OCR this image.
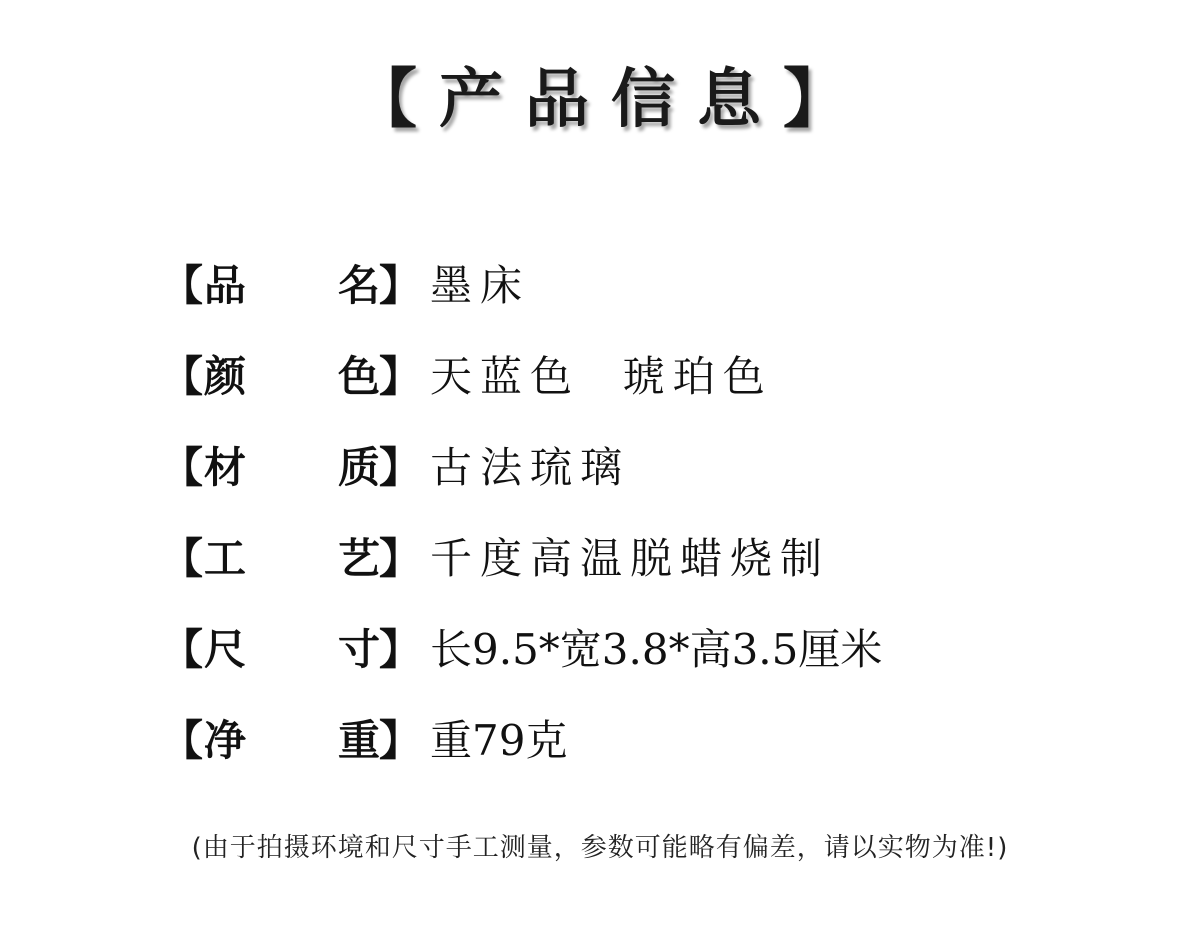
【产品信息】
【 品 名
】 墨床
【 颜 色
】 天蓝色  琥珀色
【 材 质
】 古法琉璃
【 工 艺
】 千度高温脱蜡烧制
【 尺 寸
】 长9.5*宽3.8*高3.5厘米
【 净 重
】 重79克
(由于拍摄环境和尺寸手工测量，参数可能略有偏差，请以实物为准!)
